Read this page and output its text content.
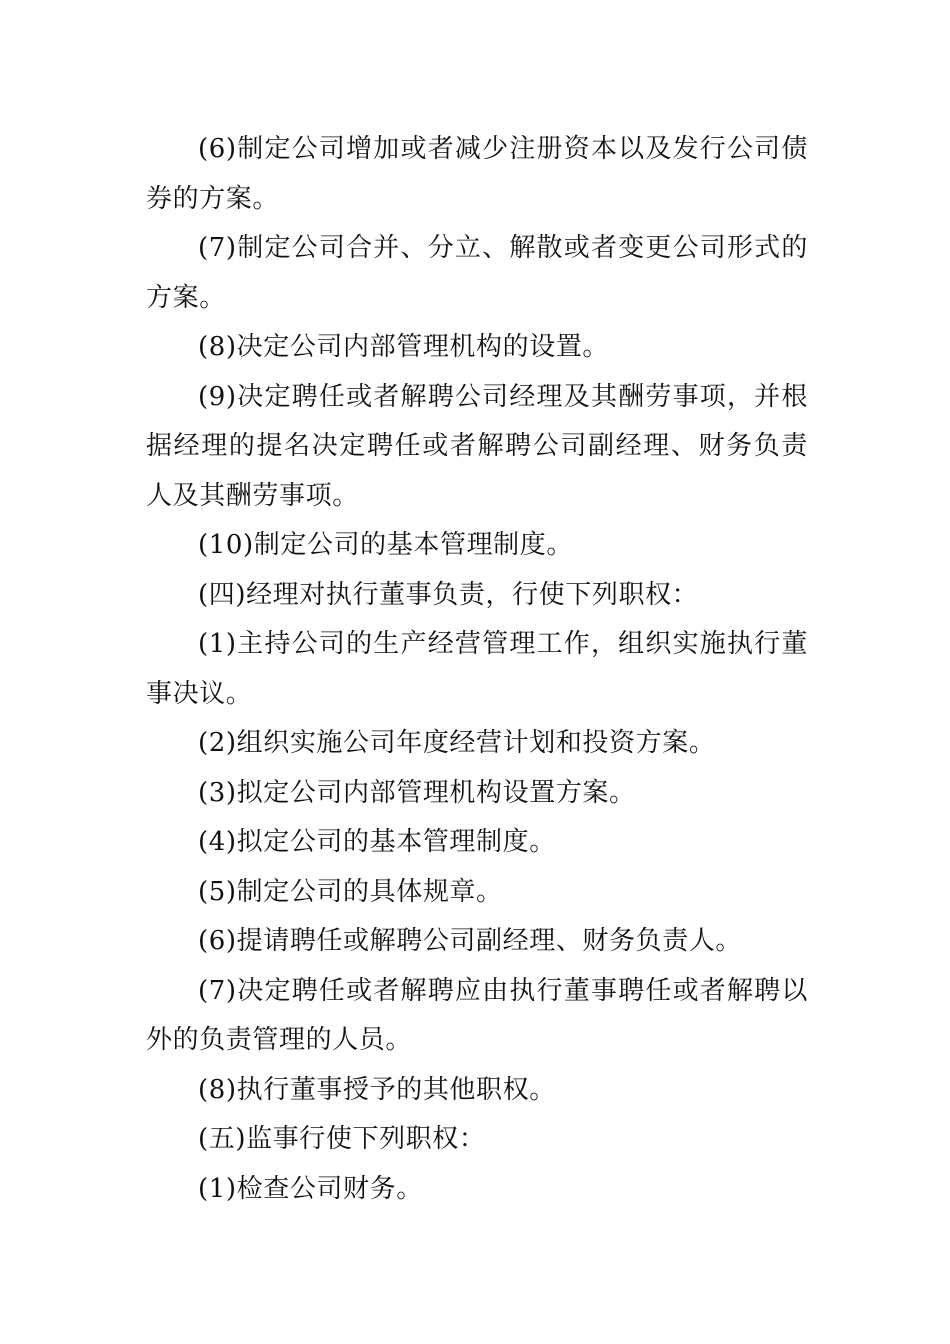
(6)制定公司增加或者减少注册资本以及发行公司债券的方案。

(7)制定公司合并、分立、解散或者变更公司形式的方案。

(8)决定公司内部管理机构的设置。

(9)决定聘任或者解聘公司经理及其酬劳事项，并根据经理的提名决定聘任或者解聘公司副经理、财务负责人及其酬劳事项。

(10)制定公司的基本管理制度。

(四)经理对执行董事负责，行使下列职权：

(1)主持公司的生产经营管理工作，组织实施执行董事决议。

(2)组织实施公司年度经营计划和投资方案。

(3)拟定公司内部管理机构设置方案。

(4)拟定公司的基本管理制度。

(5)制定公司的具体规章。

(6)提请聘任或解聘公司副经理、财务负责人。

(7)决定聘任或者解聘应由执行董事聘任或者解聘以外的负责管理的人员。

(8)执行董事授予的其他职权。

(五)监事行使下列职权：

(1)检查公司财务。
